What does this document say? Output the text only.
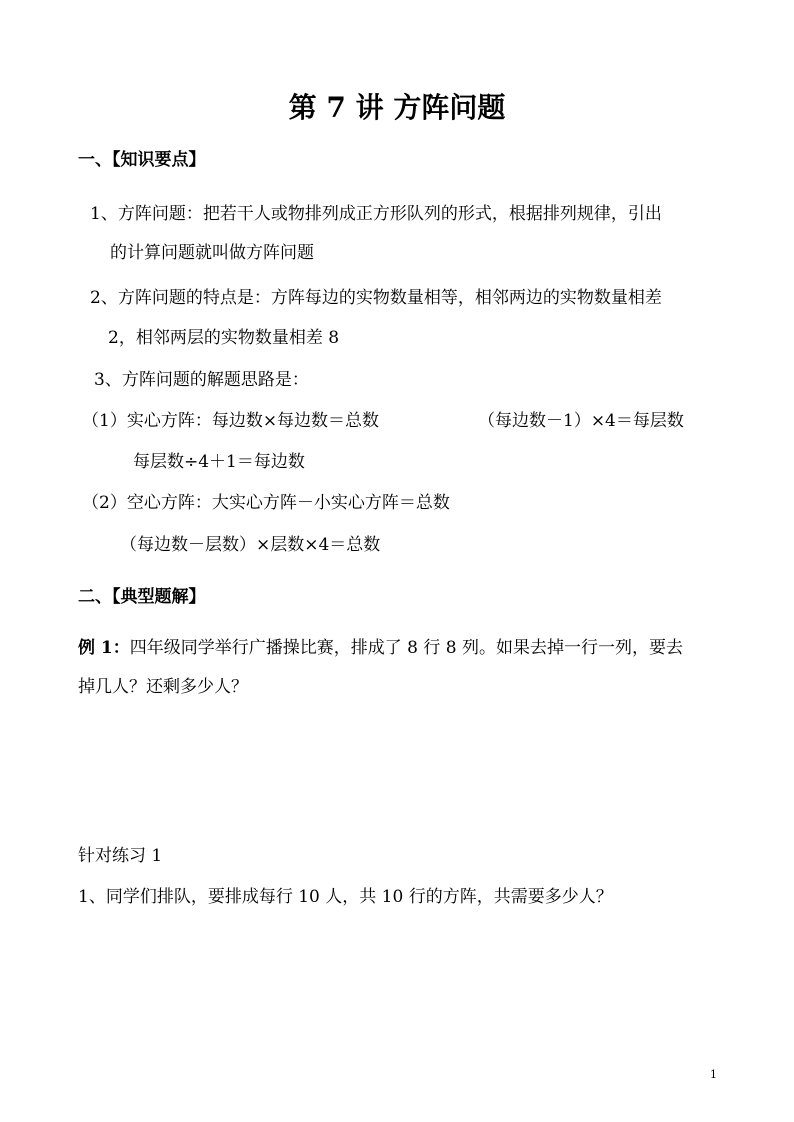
第 7 讲 方阵问题
一、【知识要点】
1、方阵问题：把若干人或物排列成正方形队列的形式，根据排列规律，引出
的计算问题就叫做方阵问题
2、方阵问题的特点是：方阵每边的实物数量相等，相邻两边的实物数量相差
2，相邻两层的实物数量相差 8
3、方阵问题的解题思路是：
（1）实心方阵：每边数×每边数＝总数	（每边数－1）×4＝每层数
每层数÷4＋1＝每边数
（2）空心方阵：大实心方阵－小实心方阵＝总数
（每边数－层数）×层数×4＝总数
二、【典型题解】
例 1：四年级同学举行广播操比赛，排成了 8 行 8 列。如果去掉一行一列，要去
掉几人？还剩多少人？
针对练习 1
1、同学们排队，要排成每行 10 人，共 10 行的方阵，共需要多少人？
1
